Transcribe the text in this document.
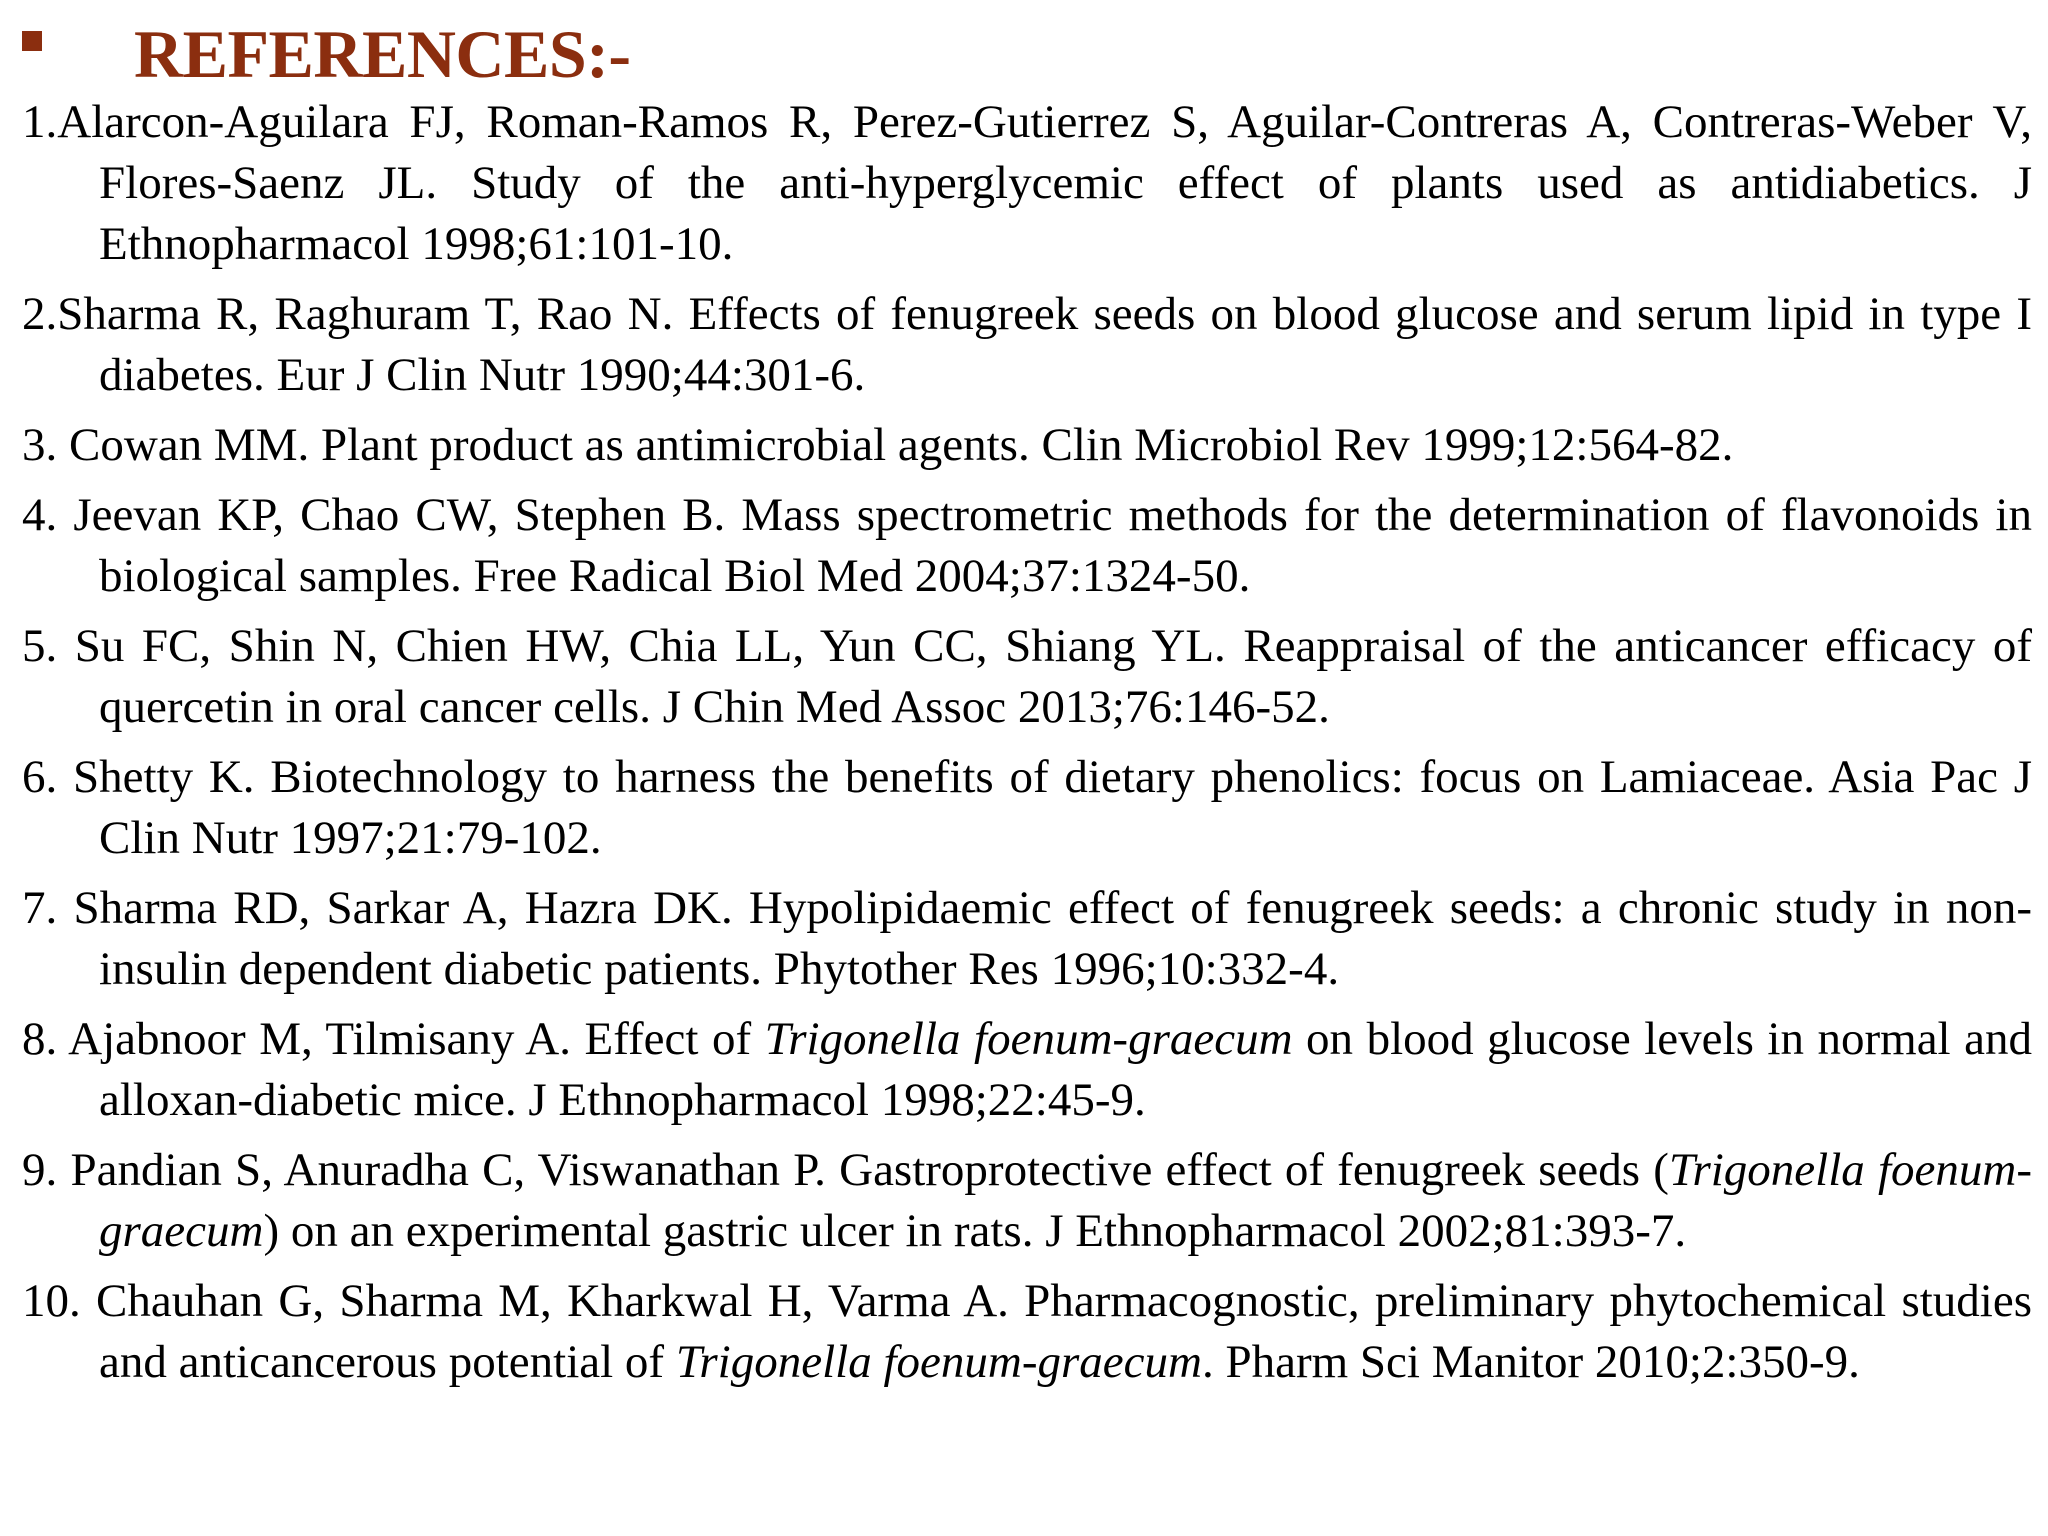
REFERENCES:-

1.Alarcon-Aguilara FJ, Roman-Ramos R, Perez-Gutierrez S, Aguilar-Contreras A, Contreras-Weber V, Flores-Saenz JL. Study of the anti-hyperglycemic effect of plants used as antidiabetics. J Ethnopharmacol 1998;61:101-10.

2.Sharma R, Raghuram T, Rao N. Effects of fenugreek seeds on blood glucose and serum lipid in type I diabetes. Eur J Clin Nutr 1990;44:301-6.

3. Cowan MM. Plant product as antimicrobial agents. Clin Microbiol Rev 1999;12:564-82.

4. Jeevan KP, Chao CW, Stephen B. Mass spectrometric methods for the determination of flavonoids in biological samples. Free Radical Biol Med 2004;37:1324-50.

5. Su FC, Shin N, Chien HW, Chia LL, Yun CC, Shiang YL. Reappraisal of the anticancer efficacy of quercetin in oral cancer cells. J Chin Med Assoc 2013;76:146-52.

6. Shetty K. Biotechnology to harness the benefits of dietary phenolics: focus on Lamiaceae. Asia Pac J Clin Nutr 1997;21:79-102.

7. Sharma RD, Sarkar A, Hazra DK. Hypolipidaemic effect of fenugreek seeds: a chronic study in non-insulin dependent diabetic patients. Phytother Res 1996;10:332-4.

8. Ajabnoor M, Tilmisany A. Effect of Trigonella foenum-graecum on blood glucose levels in normal and alloxan-diabetic mice. J Ethnopharmacol 1998;22:45-9.

9. Pandian S, Anuradha C, Viswanathan P. Gastroprotective effect of fenugreek seeds (Trigonella foenum-graecum) on an experimental gastric ulcer in rats. J Ethnopharmacol 2002;81:393-7.

10. Chauhan G, Sharma M, Kharkwal H, Varma A. Pharmacognostic, preliminary phytochemical studies and anticancerous potential of Trigonella foenum-graecum. Pharm Sci Manitor 2010;2:350-9.
